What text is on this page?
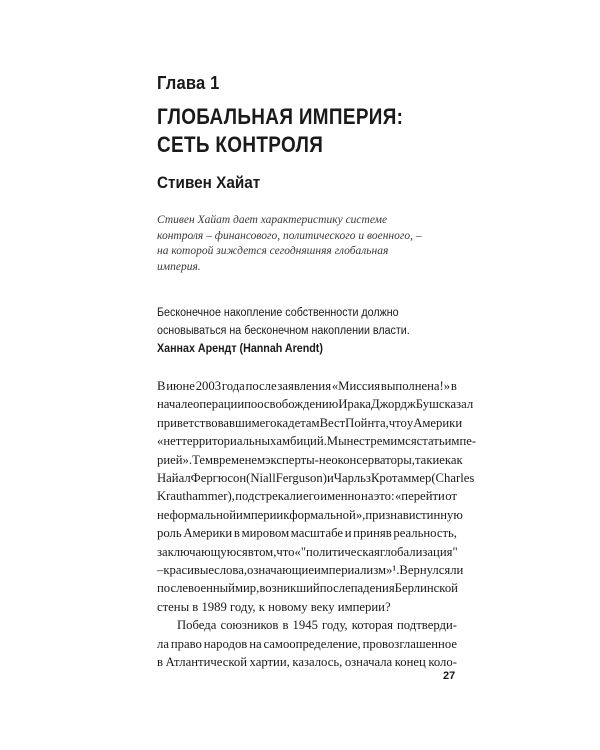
Глава 1
ГЛОБАЛЬНАЯ ИМПЕРИЯ:
СЕТЬ КОНТРОЛЯ
Стивен Хайат
Стивен Хайат дает характеристику системе
контроля – финансового, политического и военного, –
на которой зиждется сегодняшняя глобальная
империя.
Бесконечное накопление собственности должно
основываться на бесконечном накоплении власти.
Ханнах Арендт (Hannah Arendt)
В июне 2003 года после заявления «Миссия выполнена!» в
начале операции по освобождению Ирака Джордж Буш сказал
приветствовавшим его кадетам Вест Пойнта, что у Америки
«нет территориальных амбиций. Мы не стремимся стать импе-
рией». Тем временем эксперты-неоконсерваторы, такие как
Найал Фергюсон (Niall Ferguson) и Чарльз Кротаммер (Charles
Krauthammer), подстрекали его именно на это: «перейти от
неформальной империи к формальной», признав истинную
роль Америки в мировом масштабе и приняв реальность,
заключающуюся в том, что «"политическая глобализация"
– красивые слова, означающие империализм»¹. Вернулся ли
послевоенный мир, возникший после падения Берлинской
стены в 1989 году, к новому веку империи?
Победа союзников в 1945 году, которая подтверди-
ла право народов на самоопределение, провозглашенное
в Атлантической хартии, казалось, означала конец коло-
27
